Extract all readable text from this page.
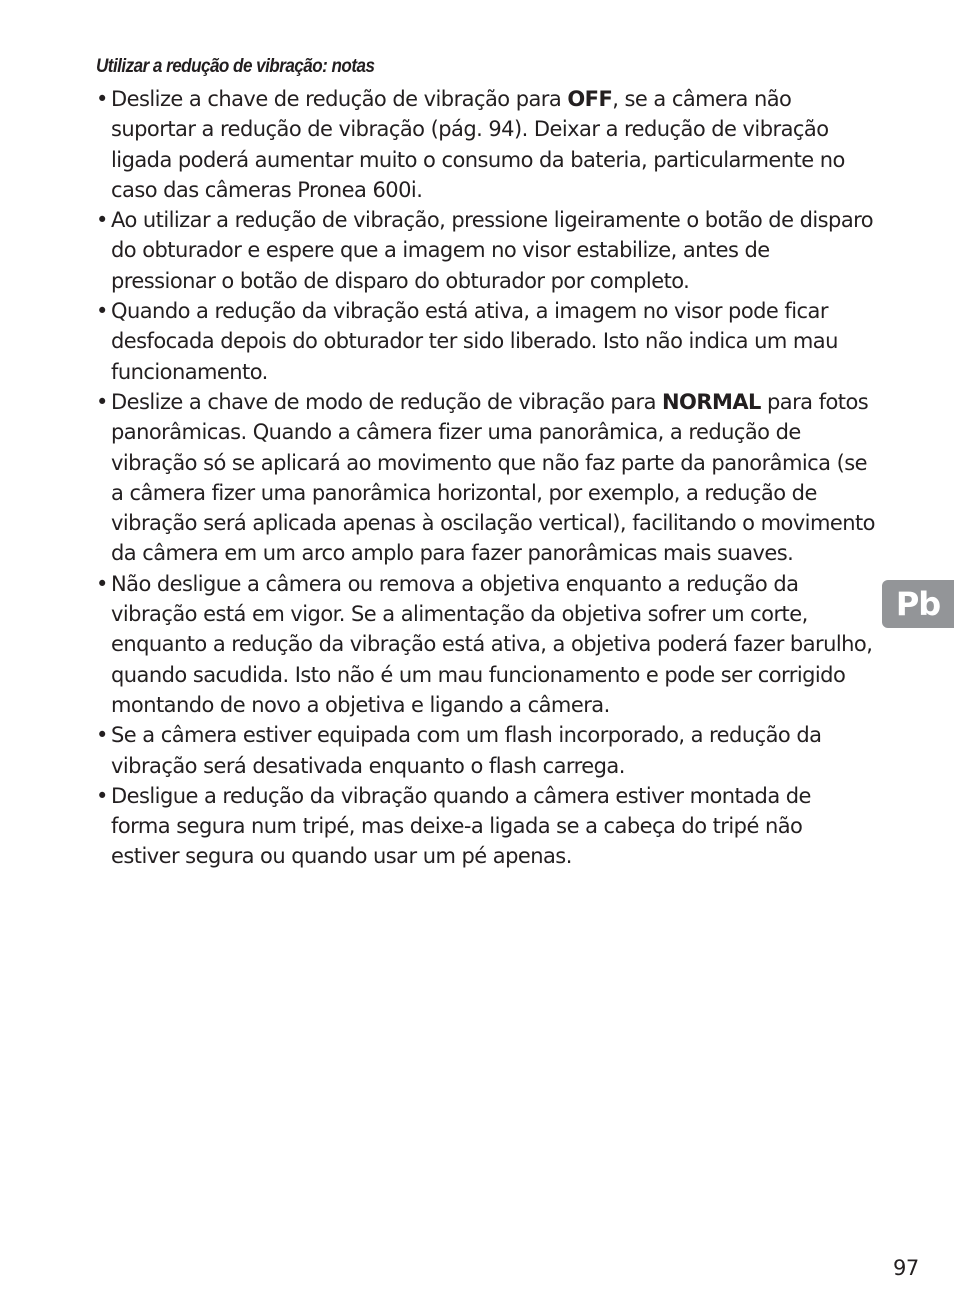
Utilizar a redução de vibração: notas
• Deslize a chave de redução de vibração para OFF, se a câmera não suportar a redução de vibração (pág. 94). Deixar a redução de vibração ligada poderá aumentar muito o consumo da bateria, particularmente no caso das câmeras Pronea 600i.
• Ao utilizar a redução de vibração, pressione ligeiramente o botão de disparo do obturador e espere que a imagem no visor estabilize, antes de pressionar o botão de disparo do obturador por completo.
• Quando a redução da vibração está ativa, a imagem no visor pode ficar desfocada depois do obturador ter sido liberado. Isto não indica um mau funcionamento.
• Deslize a chave de modo de redução de vibração para NORMAL para fotos panorâmicas. Quando a câmera fizer uma panorâmica, a redução de vibração só se aplicará ao movimento que não faz parte da panorâmica (se a câmera fizer uma panorâmica horizontal, por exemplo, a redução de vibração será aplicada apenas à oscilação vertical), facilitando o movimento da câmera em um arco amplo para fazer panorâmicas mais suaves.
• Não desligue a câmera ou remova a objetiva enquanto a redução da vibração está em vigor. Se a alimentação da objetiva sofrer um corte, enquanto a redução da vibração está ativa, a objetiva poderá fazer barulho, quando sacudida. Isto não é um mau funcionamento e pode ser corrigido montando de novo a objetiva e ligando a câmera.
• Se a câmera estiver equipada com um flash incorporado, a redução da vibração será desativada enquanto o flash carrega.
• Desligue a redução da vibração quando a câmera estiver montada de forma segura num tripé, mas deixe-a ligada se a cabeça do tripé não estiver segura ou quando usar um pé apenas.
Pb
97
